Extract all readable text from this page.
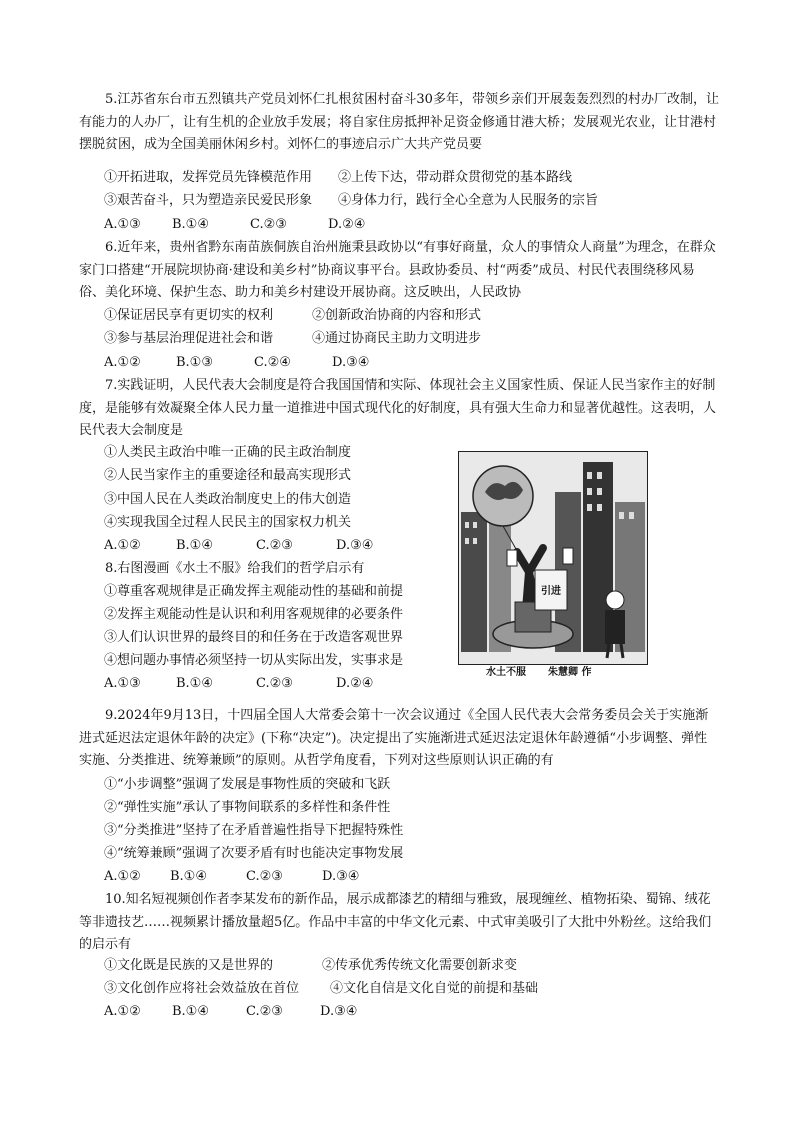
5.江苏省东台市五烈镇共产党员刘怀仁扎根贫困村奋斗30多年，带领乡亲们开展轰轰烈烈的村办厂改制，让有能力的人办厂，让有生机的企业放手发展；将自家住房抵押补足资金修通甘港大桥；发展观光农业，让甘港村摆脱贫困，成为全国美丽休闲乡村。刘怀仁的事迹启示广大共产党员要

①开拓进取，发挥党员先锋模范作用 ②上传下达，带动群众贯彻党的基本路线

③艰苦奋斗，只为塑造亲民爱民形象 ④身体力行，践行全心全意为人民服务的宗旨

A.①③ B.①④	C.②③	D.②④

6.近年来，贵州省黔东南苗族侗族自治州施秉县政协以“有事好商量，众人的事情众人商量”为理念，在群众家门口搭建“开展院坝协商·建设和美乡村”协商议事平台。县政协委员、村“两委”成员、村民代表围绕移风易俗、美化环境、保护生态、助力和美乡村建设开展协商。这反映出，人民政协

①保证居民享有更切实的权利	②创新政治协商的内容和形式

③参与基层治理促进社会和谐	④通过协商民主助力文明进步

A.①②	B.①③	C.②④	D.③④

7.实践证明，人民代表大会制度是符合我国国情和实际、体现社会主义国家性质、保证人民当家作主的好制度，是能够有效凝聚全体人民力量一道推进中国式现代化的好制度，具有强大生命力和显著优越性。这表明，人民代表大会制度是

①人类民主政治中唯一正确的民主政治制度

②人民当家作主的重要途径和最高实现形式

③中国人民在人类政治制度史上的伟大创造

④实现我国全过程人民民主的国家权力机关

A.①②	B.①④	C.②③	D.③④

8.右图漫画《水土不服》给我们的哲学启示有

①尊重客观规律是正确发挥主观能动性的基础和前提

②发挥主观能动性是认识和利用客观规律的必要条件

③人们认识世界的最终目的和任务在于改造客观世界

④想问题办事情必须坚持一切从实际出发，实事求是

A.①③	B.①④	C.②③	D.②④

引进
水土不服 朱慧卿 作

9.2024年9月13日，十四届全国人大常委会第十一次会议通过《全国人民代表大会常务委员会关于实施渐进式延迟法定退休年龄的决定》(下称“决定”)。决定提出了实施渐进式延迟法定退休年龄遵循“小步调整、弹性实施、分类推进、统筹兼顾”的原则。从哲学角度看，下列对这些原则认识正确的有

①“小步调整”强调了发展是事物性质的突破和飞跃

②“弹性实施”承认了事物间联系的多样性和条件性

③“分类推进”坚持了在矛盾普遍性指导下把握特殊性

④“统筹兼顾”强调了次要矛盾有时也能决定事物发展

A.①② B.①④	C.②③	D.③④

10.知名短视频创作者李某发布的新作品，展示成都漆艺的精细与雅致，展现缠丝、植物拓染、蜀锦、绒花等非遗技艺……视频累计播放量超5亿。作品中丰富的中华文化元素、中式审美吸引了大批中外粉丝。这给我们的启示有

①文化既是民族的又是世界的	②传承优秀传统文化需要创新求变

③文化创作应将社会效益放在首位 ④文化自信是文化自觉的前提和基础

A.①② B.①④	C.②③	D.③④
